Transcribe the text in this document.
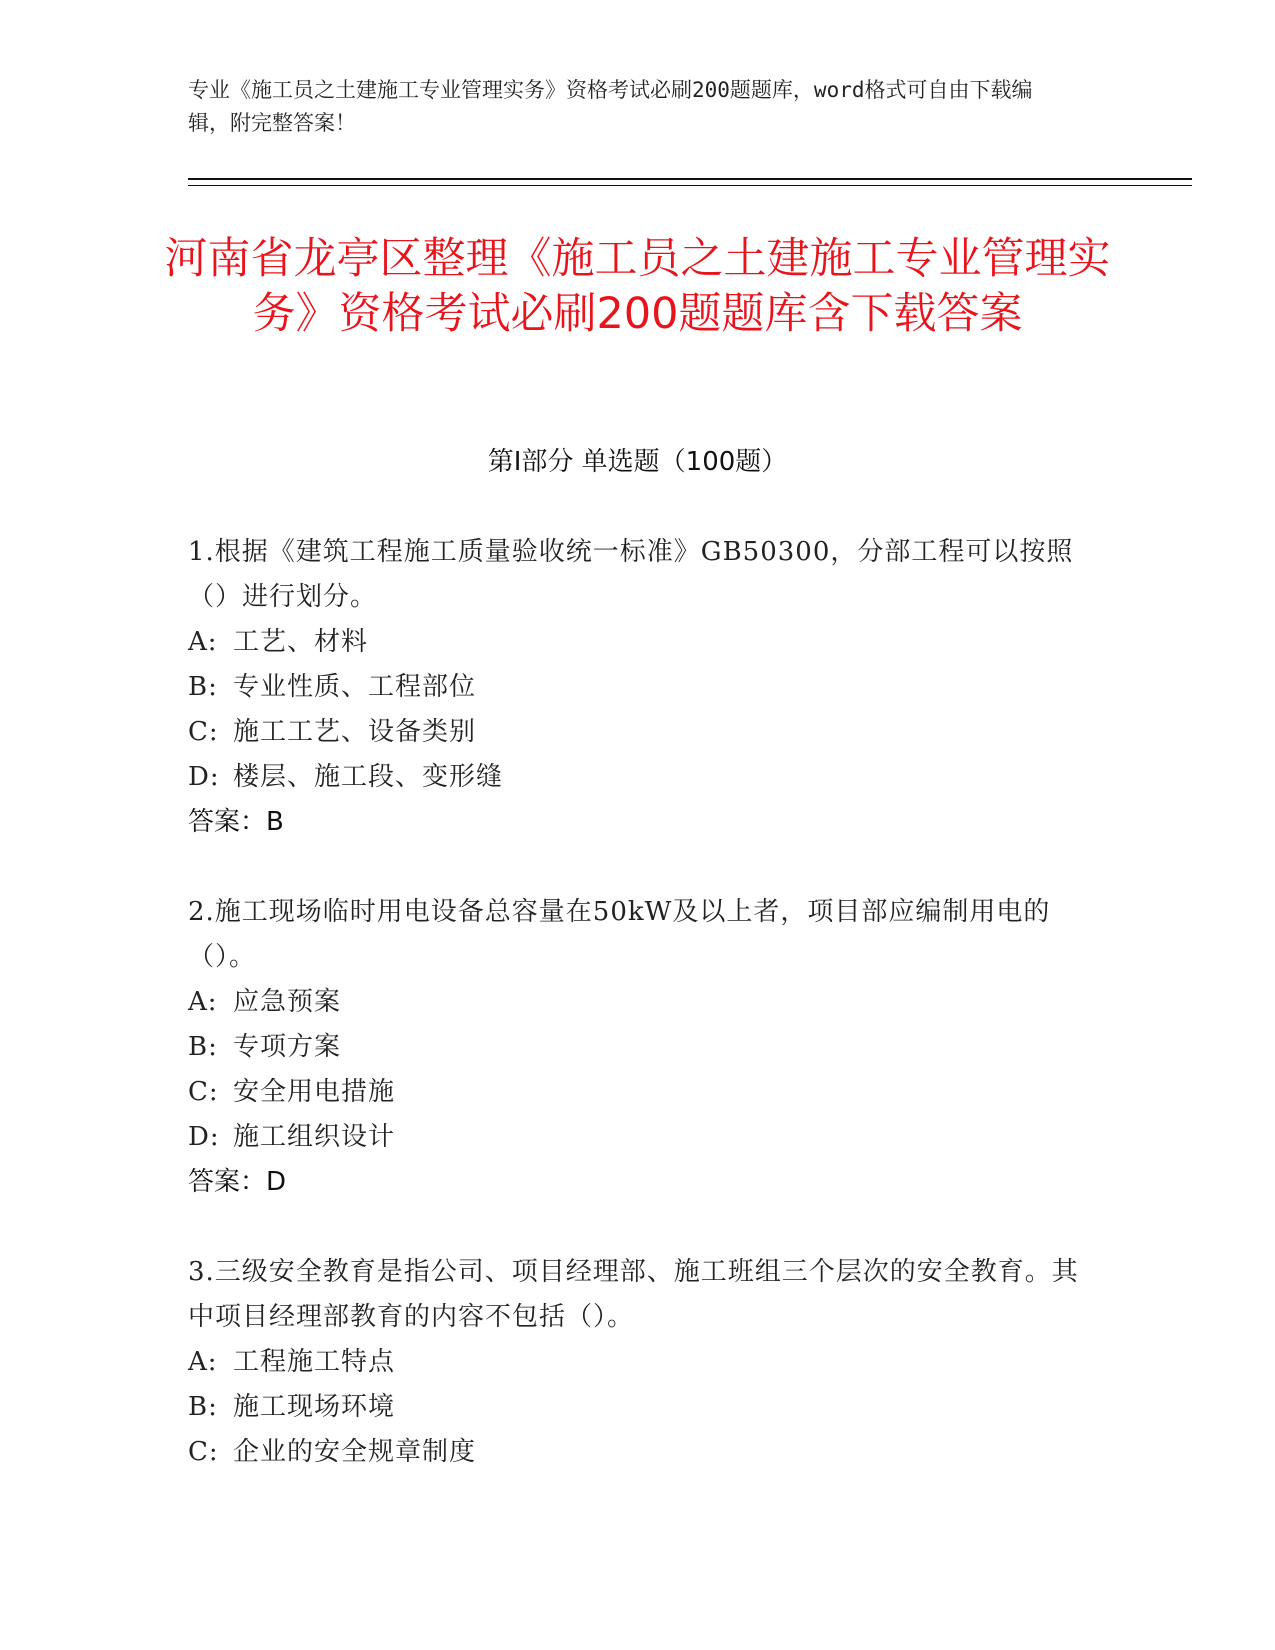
专业《施工员之土建施工专业管理实务》资格考试必刷200题题库，word格式可自由下载编辑，附完整答案！
河南省龙亭区整理《施工员之土建施工专业管理实务》资格考试必刷200题题库含下载答案
第I部分 单选题（100题）
1.根据《建筑工程施工质量验收统一标准》GB50300，分部工程可以按照（）进行划分。
A: 工艺、材料
B: 专业性质、工程部位
C: 施工工艺、设备类别
D: 楼层、施工段、变形缝
答案：B
2.施工现场临时用电设备总容量在50kW及以上者，项目部应编制用电的（）。
A: 应急预案
B: 专项方案
C: 安全用电措施
D: 施工组织设计
答案：D
3.三级安全教育是指公司、项目经理部、施工班组三个层次的安全教育。其中项目经理部教育的内容不包括（）。
A: 工程施工特点
B: 施工现场环境
C: 企业的安全规章制度
